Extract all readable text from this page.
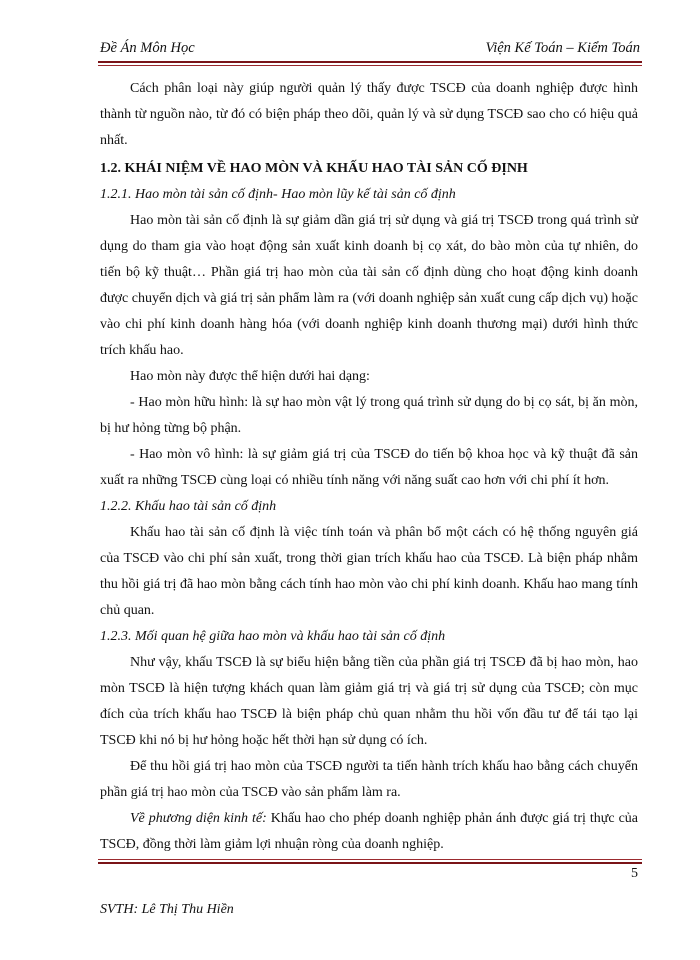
Đề Án Môn Học	Viện Kế Toán – Kiểm Toán

Cách phân loại này giúp người quản lý thấy được TSCĐ của doanh nghiệp được hình thành từ nguồn nào, từ đó có biện pháp theo dõi, quản lý và sử dụng TSCĐ sao cho có hiệu quả nhất.

1.2. KHÁI NIỆM VỀ HAO MÒN VÀ KHẤU HAO TÀI SẢN CỐ ĐỊNH

1.2.1. Hao mòn tài sản cố định- Hao mòn lũy kế tài sản cố định

Hao mòn tài sản cố định là sự giảm dần giá trị sử dụng và giá trị TSCĐ trong quá trình sử dụng do tham gia vào hoạt động sản xuất kinh doanh bị cọ xát, do bào mòn của tự nhiên, do tiến bộ kỹ thuật… Phần giá trị hao mòn của tài sản cố định dùng cho hoạt động kinh doanh được chuyển dịch và giá trị sản phẩm làm ra (với doanh nghiệp sản xuất cung cấp dịch vụ) hoặc vào chi phí kinh doanh hàng hóa (với doanh nghiệp kinh doanh thương mại) dưới hình thức trích khấu hao.

Hao mòn này được thể hiện dưới hai dạng:

- Hao mòn hữu hình: là sự hao mòn vật lý trong quá trình sử dụng do bị cọ sát, bị ăn mòn, bị hư hỏng từng bộ phận.

- Hao mòn vô hình: là sự giảm giá trị của TSCĐ do tiến bộ khoa học và kỹ thuật đã sản xuất ra những TSCĐ cùng loại có nhiều tính năng với năng suất cao hơn với chi phí ít hơn.

1.2.2. Khấu hao tài sản cố định

Khấu hao tài sản cố định là việc tính toán và phân bổ một cách có hệ thống nguyên giá của TSCĐ vào chi phí sản xuất, trong thời gian trích khấu hao của TSCĐ. Là biện pháp nhằm thu hồi giá trị đã hao mòn bằng cách tính hao mòn vào chi phí kinh doanh. Khấu hao mang tính chủ quan.

1.2.3. Mối quan hệ giữa hao mòn và khấu hao tài sản cố định

Như vậy, khấu TSCĐ là sự biểu hiện bằng tiền của phần giá trị TSCĐ đã bị hao mòn, hao mòn TSCĐ là hiện tượng khách quan làm giảm giá trị và giá trị sử dụng của TSCĐ; còn mục đích của trích khấu hao TSCĐ là biện pháp chủ quan nhằm thu hồi vốn đầu tư để tái tạo lại TSCĐ khi nó bị hư hỏng hoặc hết thời hạn sử dụng có ích.

Để thu hồi giá trị hao mòn của TSCĐ người ta tiến hành trích khấu hao bằng cách chuyển phần giá trị hao mòn của TSCĐ vào sản phẩm làm ra.

Về phương diện kinh tế: Khấu hao cho phép doanh nghiệp phản ánh được giá trị thực của TSCĐ, đồng thời làm giảm lợi nhuận ròng của doanh nghiệp.

5
SVTH: Lê Thị Thu Hiền
